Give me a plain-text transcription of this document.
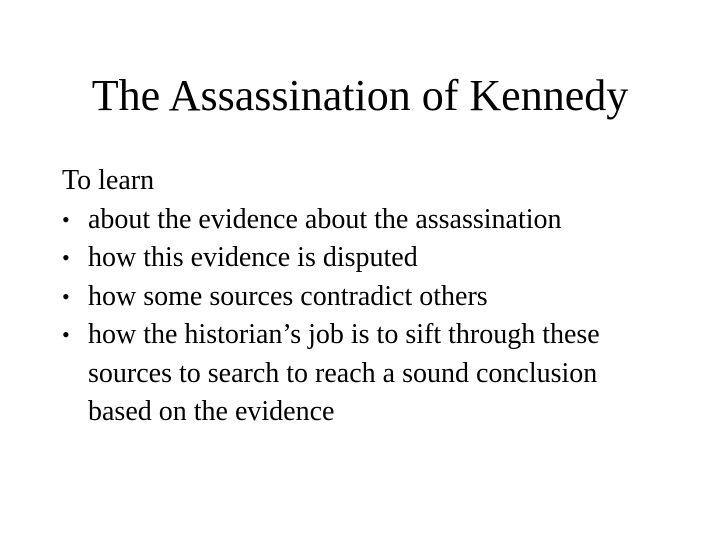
The Assassination of Kennedy

To learn

• about the evidence about the assassination
• how this evidence is disputed
• how some sources contradict others
• how the historian’s job is to sift through these sources to search to reach a sound conclusion based on the evidence
